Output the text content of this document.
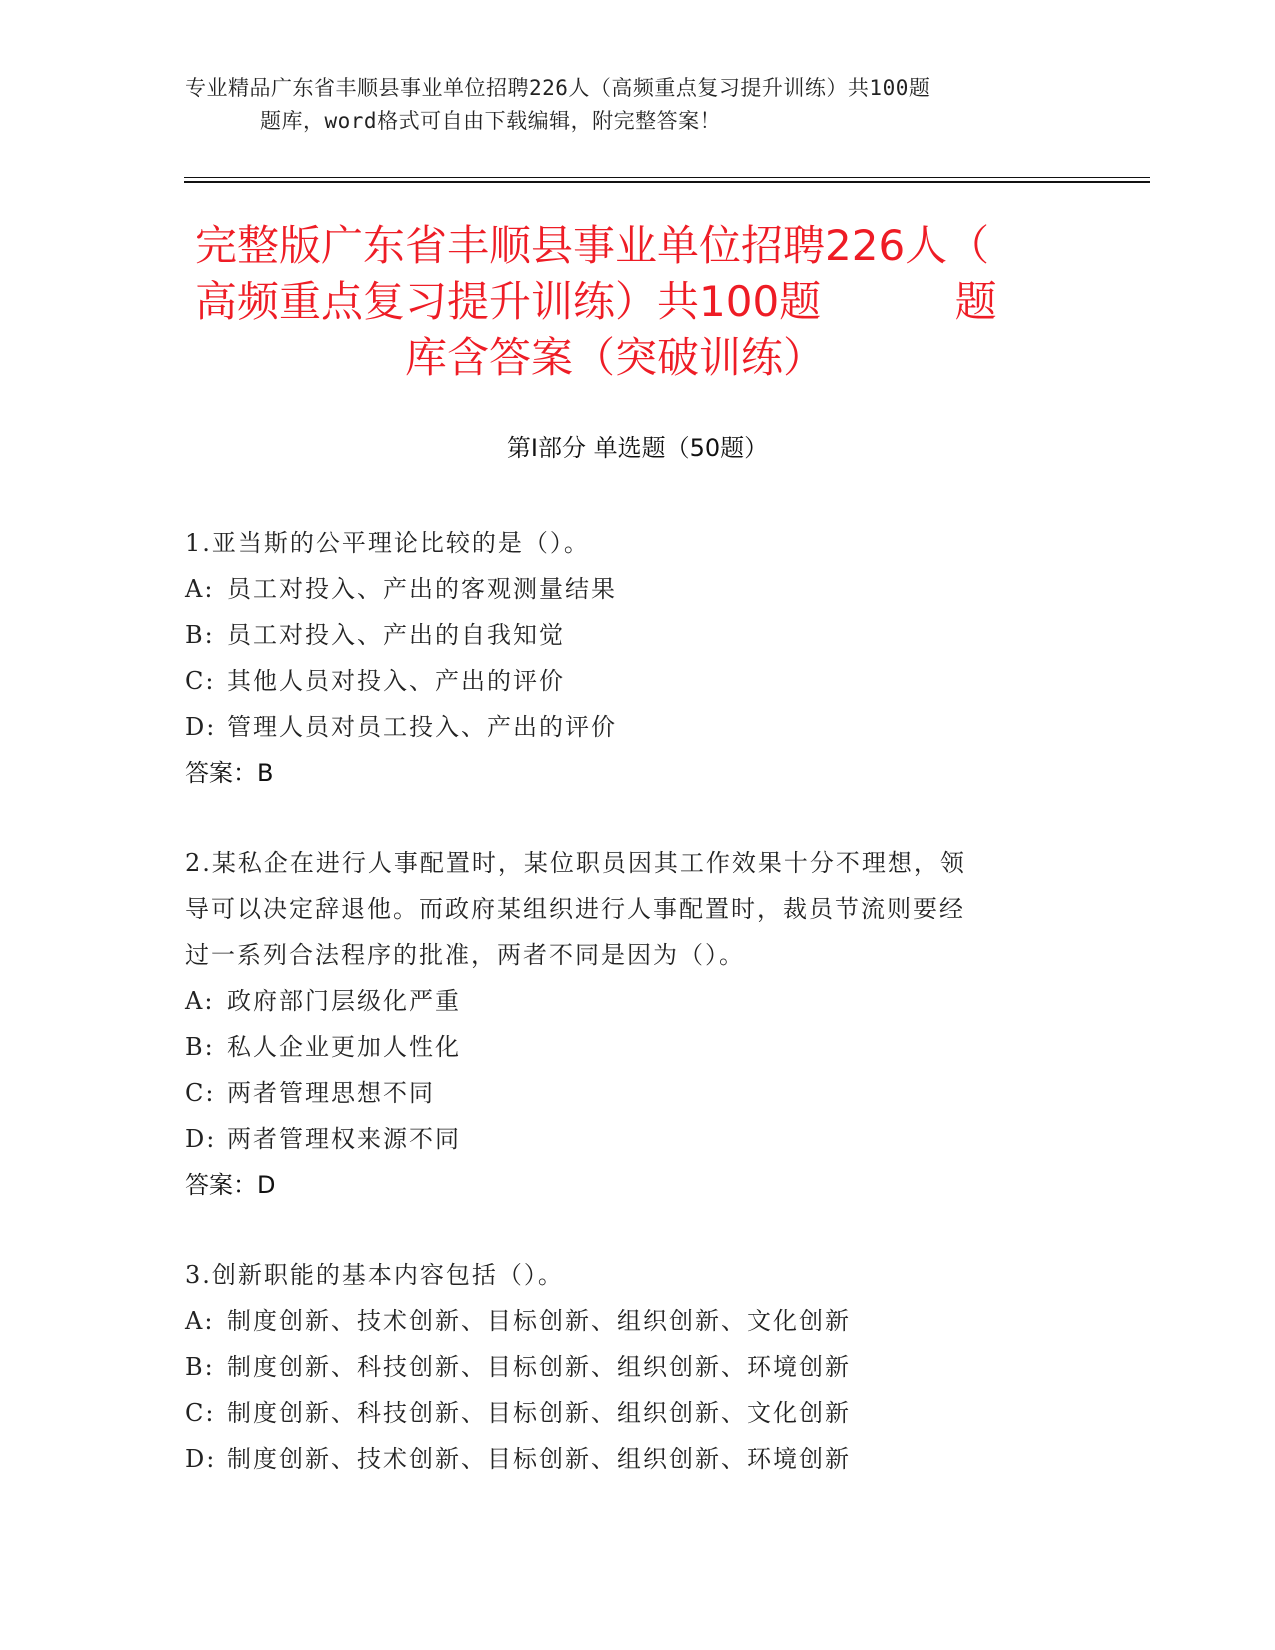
专业精品广东省丰顺县事业单位招聘226人（高频重点复习提升训练）共100题
题库，word格式可自由下载编辑，附完整答案！
完整版广东省丰顺县事业单位招聘226人（
高频重点复习提升训练）共100题          题
库含答案（突破训练）
第Ⅰ部分 单选题（50题）
1.亚当斯的公平理论比较的是（）。
A: 员工对投入、产出的客观测量结果
B: 员工对投入、产出的自我知觉
C: 其他人员对投入、产出的评价
D: 管理人员对员工投入、产出的评价
答案：B
2.某私企在进行人事配置时，某位职员因其工作效果十分不理想，领
导可以决定辞退他。而政府某组织进行人事配置时，裁员节流则要经
过一系列合法程序的批准，两者不同是因为（）。
A: 政府部门层级化严重
B: 私人企业更加人性化
C: 两者管理思想不同
D: 两者管理权来源不同
答案：D
3.创新职能的基本内容包括（）。
A: 制度创新、技术创新、目标创新、组织创新、文化创新
B: 制度创新、科技创新、目标创新、组织创新、环境创新
C: 制度创新、科技创新、目标创新、组织创新、文化创新
D: 制度创新、技术创新、目标创新、组织创新、环境创新
